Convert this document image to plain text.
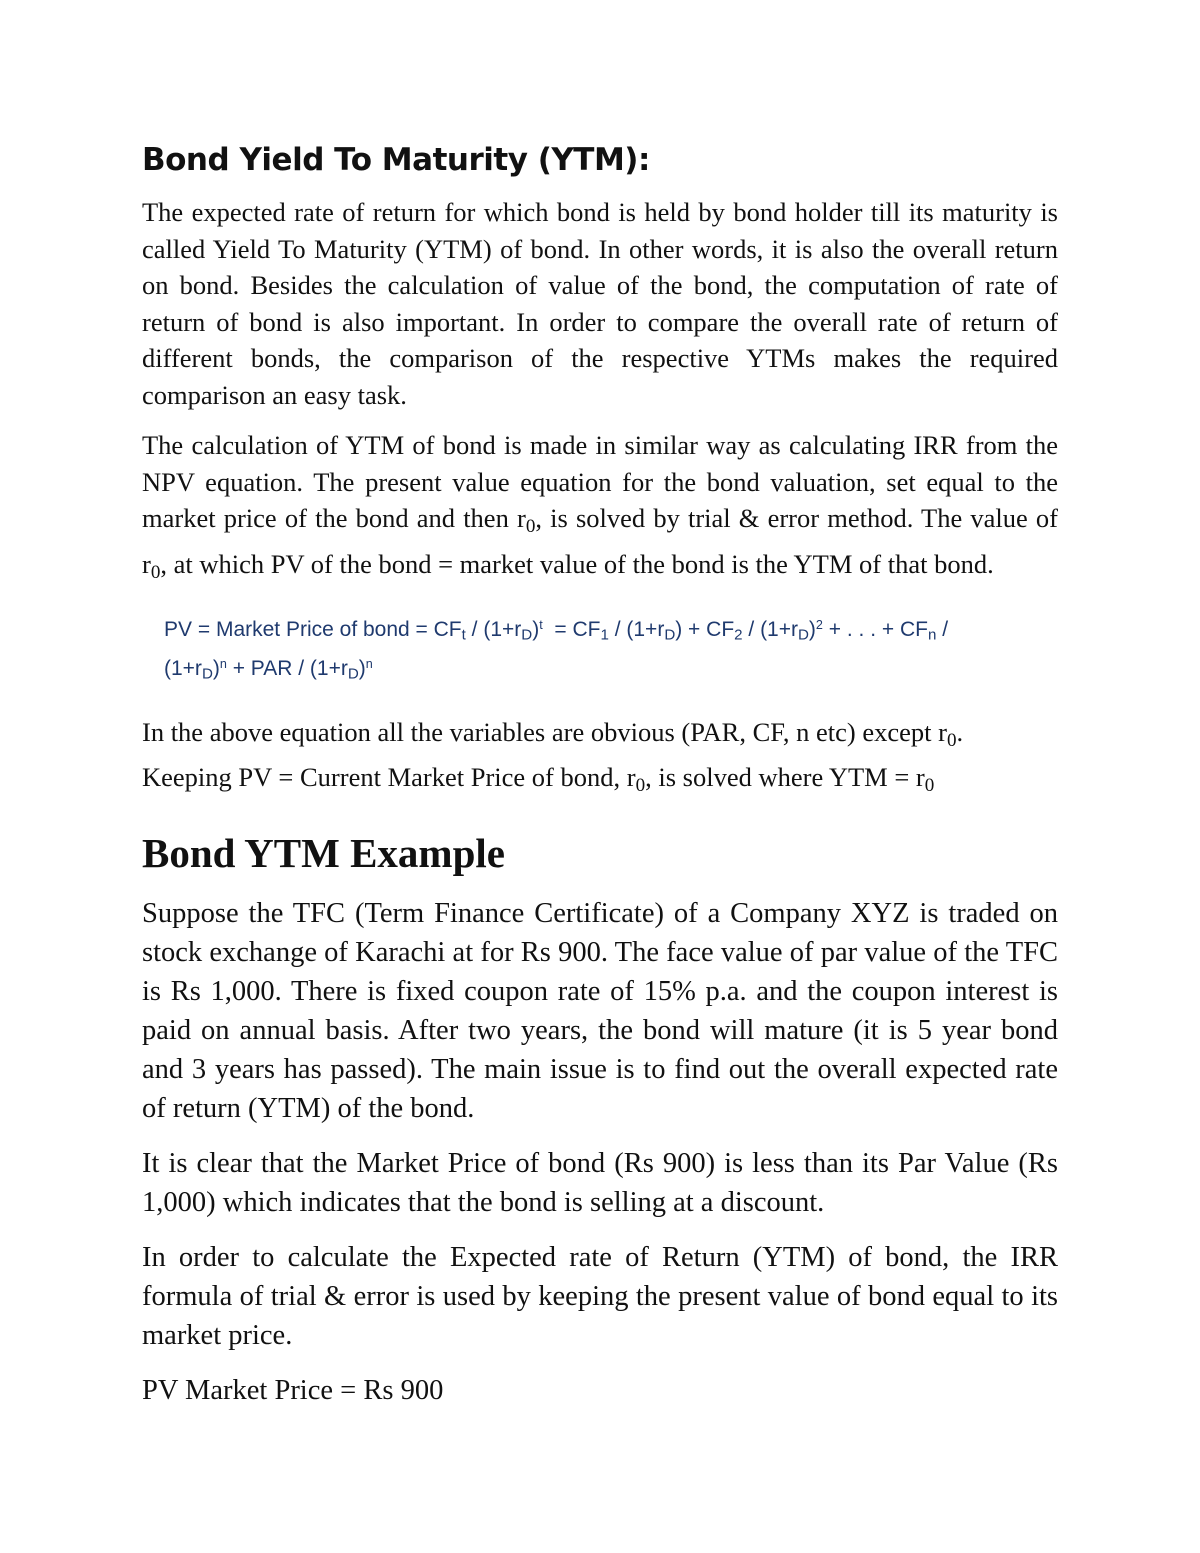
Bond Yield To Maturity (YTM):

The expected rate of return for which bond is held by bond holder till its maturity is called Yield To Maturity (YTM) of bond. In other words, it is also the overall return on bond. Besides the calculation of value of the bond, the computation of rate of return of bond is also important. In order to compare the overall rate of return of different bonds, the comparison of the respective YTMs makes the required comparison an easy task.

The calculation of YTM of bond is made in similar way as calculating IRR from the NPV equation. The present value equation for the bond valuation, set equal to the market price of the bond and then $r_0$, is solved by trial & error method. The value of $r_0$, at which PV of the bond = market value of the bond is the YTM of that bond.

PV = Market Price of bond = $CF_t / (1+r_D)^t = CF_1 / (1+r_D) + CF_2 / (1+r_D)^2$ + . . . + $CF_n$ /
$(1+r_D)^n$ + PAR / $(1+r_D)^n$

In the above equation all the variables are obvious (PAR, CF, n etc) except $r_0$. Keeping PV = Current Market Price of bond, $r_0$, is solved where YTM = $r_0$

Bond YTM Example

Suppose the TFC (Term Finance Certificate) of a Company XYZ is traded on stock exchange of Karachi at for Rs 900. The face value of par value of the TFC is Rs 1,000. There is fixed coupon rate of 15% p.a. and the coupon interest is paid on annual basis. After two years, the bond will mature (it is 5 year bond and 3 years has passed). The main issue is to find out the overall expected rate of return (YTM) of the bond.

It is clear that the Market Price of bond (Rs 900) is less than its Par Value (Rs 1,000) which indicates that the bond is selling at a discount.

In order to calculate the Expected rate of Return (YTM) of bond, the IRR formula of trial & error is used by keeping the present value of bond equal to its market price.

PV Market Price = Rs 900
